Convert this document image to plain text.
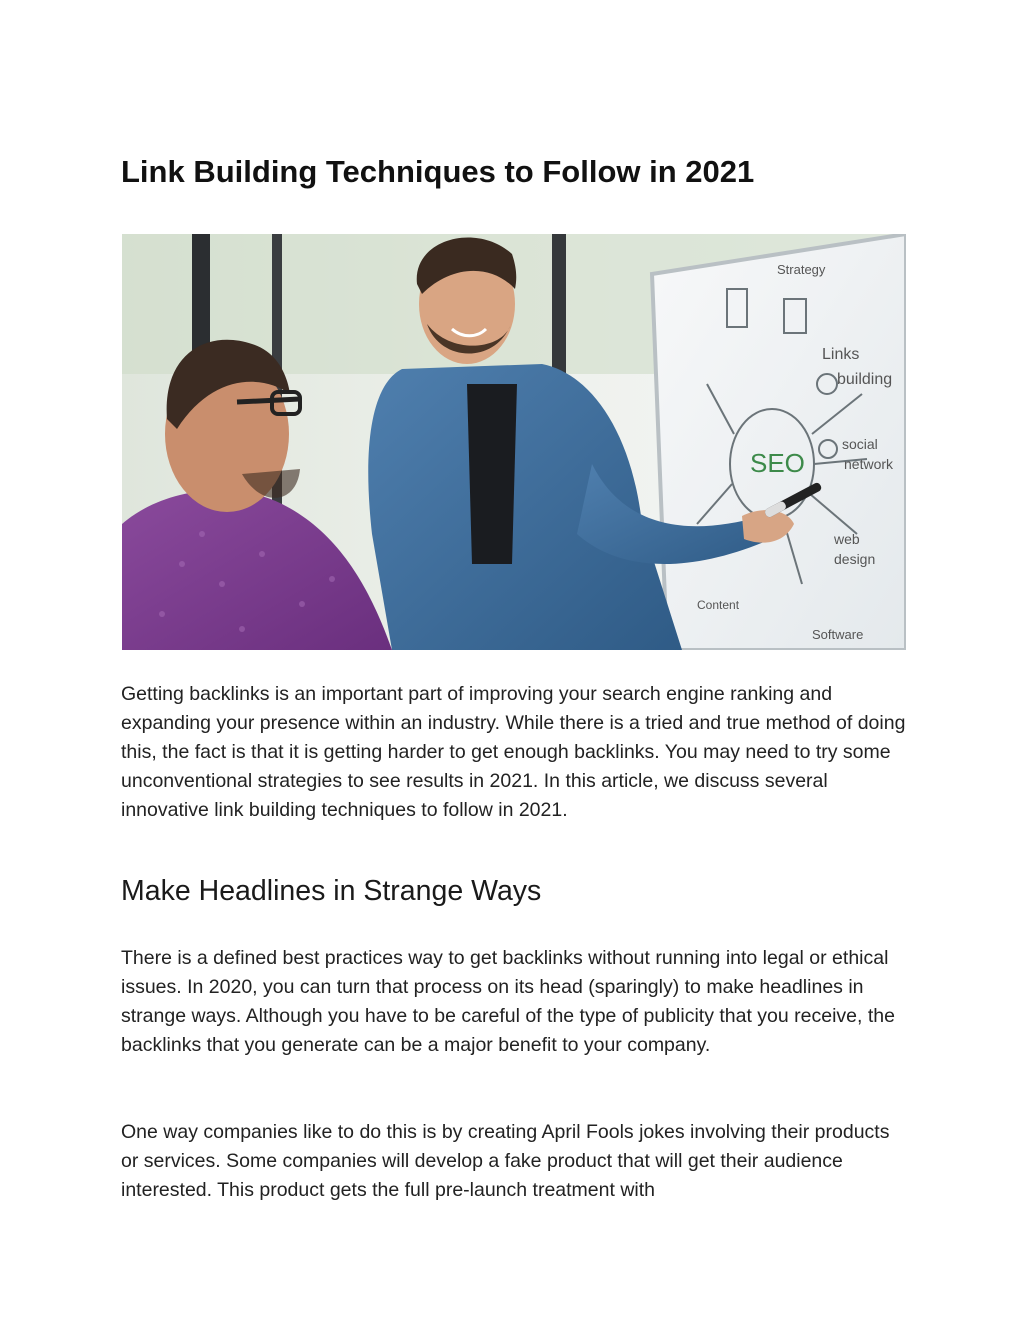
Link Building Techniques to Follow in 2021
SEO
Links
building
social
network
web
design
Software
Strategy
Content

Getting backlinks is an important part of improving your search engine ranking and expanding your presence within an industry. While there is a tried and true method of doing this, the fact is that it is getting harder to get enough backlinks. You may need to try some unconventional strategies to see results in 2021. In this article, we discuss several innovative link building techniques to follow in 2021.

Make Headlines in Strange Ways

There is a defined best practices way to get backlinks without running into legal or ethical issues. In 2020, you can turn that process on its head (sparingly) to make headlines in strange ways. Although you have to be careful of the type of publicity that you receive, the backlinks that you generate can be a major benefit to your company.

One way companies like to do this is by creating April Fools jokes involving their products or services. Some companies will develop a fake product that will get their audience interested. This product gets the full pre-launch treatment with
